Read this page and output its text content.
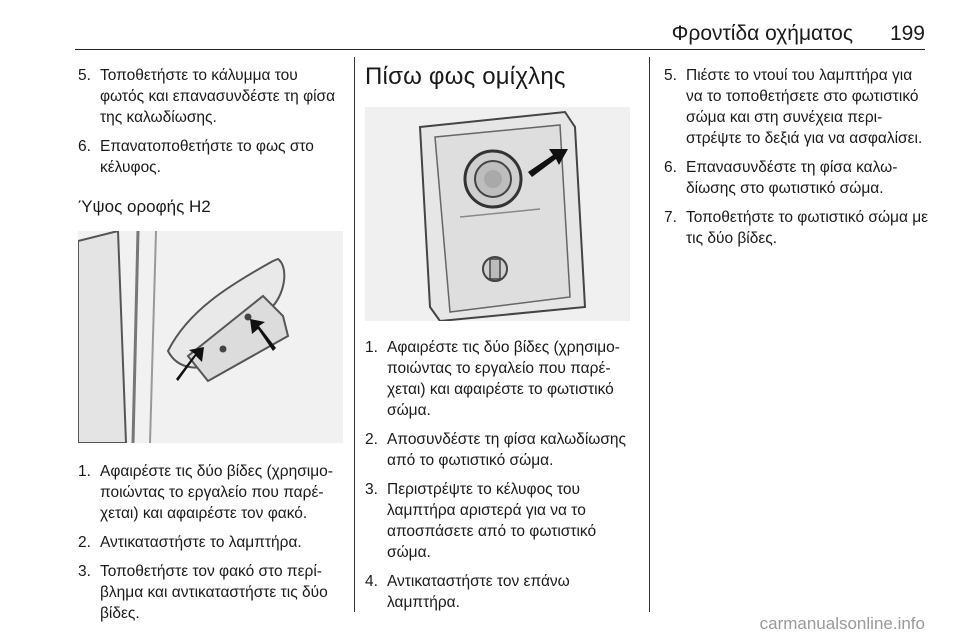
Φροντίδα οχήματος 199
5. Τοποθετήστε το κάλυμμα του φωτός και επανασυνδέστε τη φίσα της καλωδίωσης.
6. Επανατοποθετήστε το φως στο κέλυφος.
Ύψος οροφής H2
1. Αφαιρέστε τις δύο βίδες (χρησιμοποιώντας το εργαλείο που παρέχεται) και αφαιρέστε τον φακό.
2. Αντικαταστήστε το λαμπτήρα.
3. Τοποθετήστε τον φακό στο περίβλημα και αντικαταστήστε τις δύο βίδες.
Πίσω φως ομίχλης
1. Αφαιρέστε τις δύο βίδες (χρησιμοποιώντας το εργαλείο που παρέχεται) και αφαιρέστε το φωτιστικό σώμα.
2. Αποσυνδέστε τη φίσα καλωδίωσης από το φωτιστικό σώμα.
3. Περιστρέψτε το κέλυφος του λαμπτήρα αριστερά για να το αποσπάσετε από το φωτιστικό σώμα.
4. Αντικαταστήστε τον επάνω λαμπτήρα.
5. Πιέστε το ντουί του λαμπτήρα για να το τοποθετήσετε στο φωτιστικό σώμα και στη συνέχεια περιστρέψτε το δεξιά για να ασφαλίσει.
6. Επανασυνδέστε τη φίσα καλωδίωσης στο φωτιστικό σώμα.
7. Τοποθετήστε το φωτιστικό σώμα με τις δύο βίδες.
carmanualsonline.info
